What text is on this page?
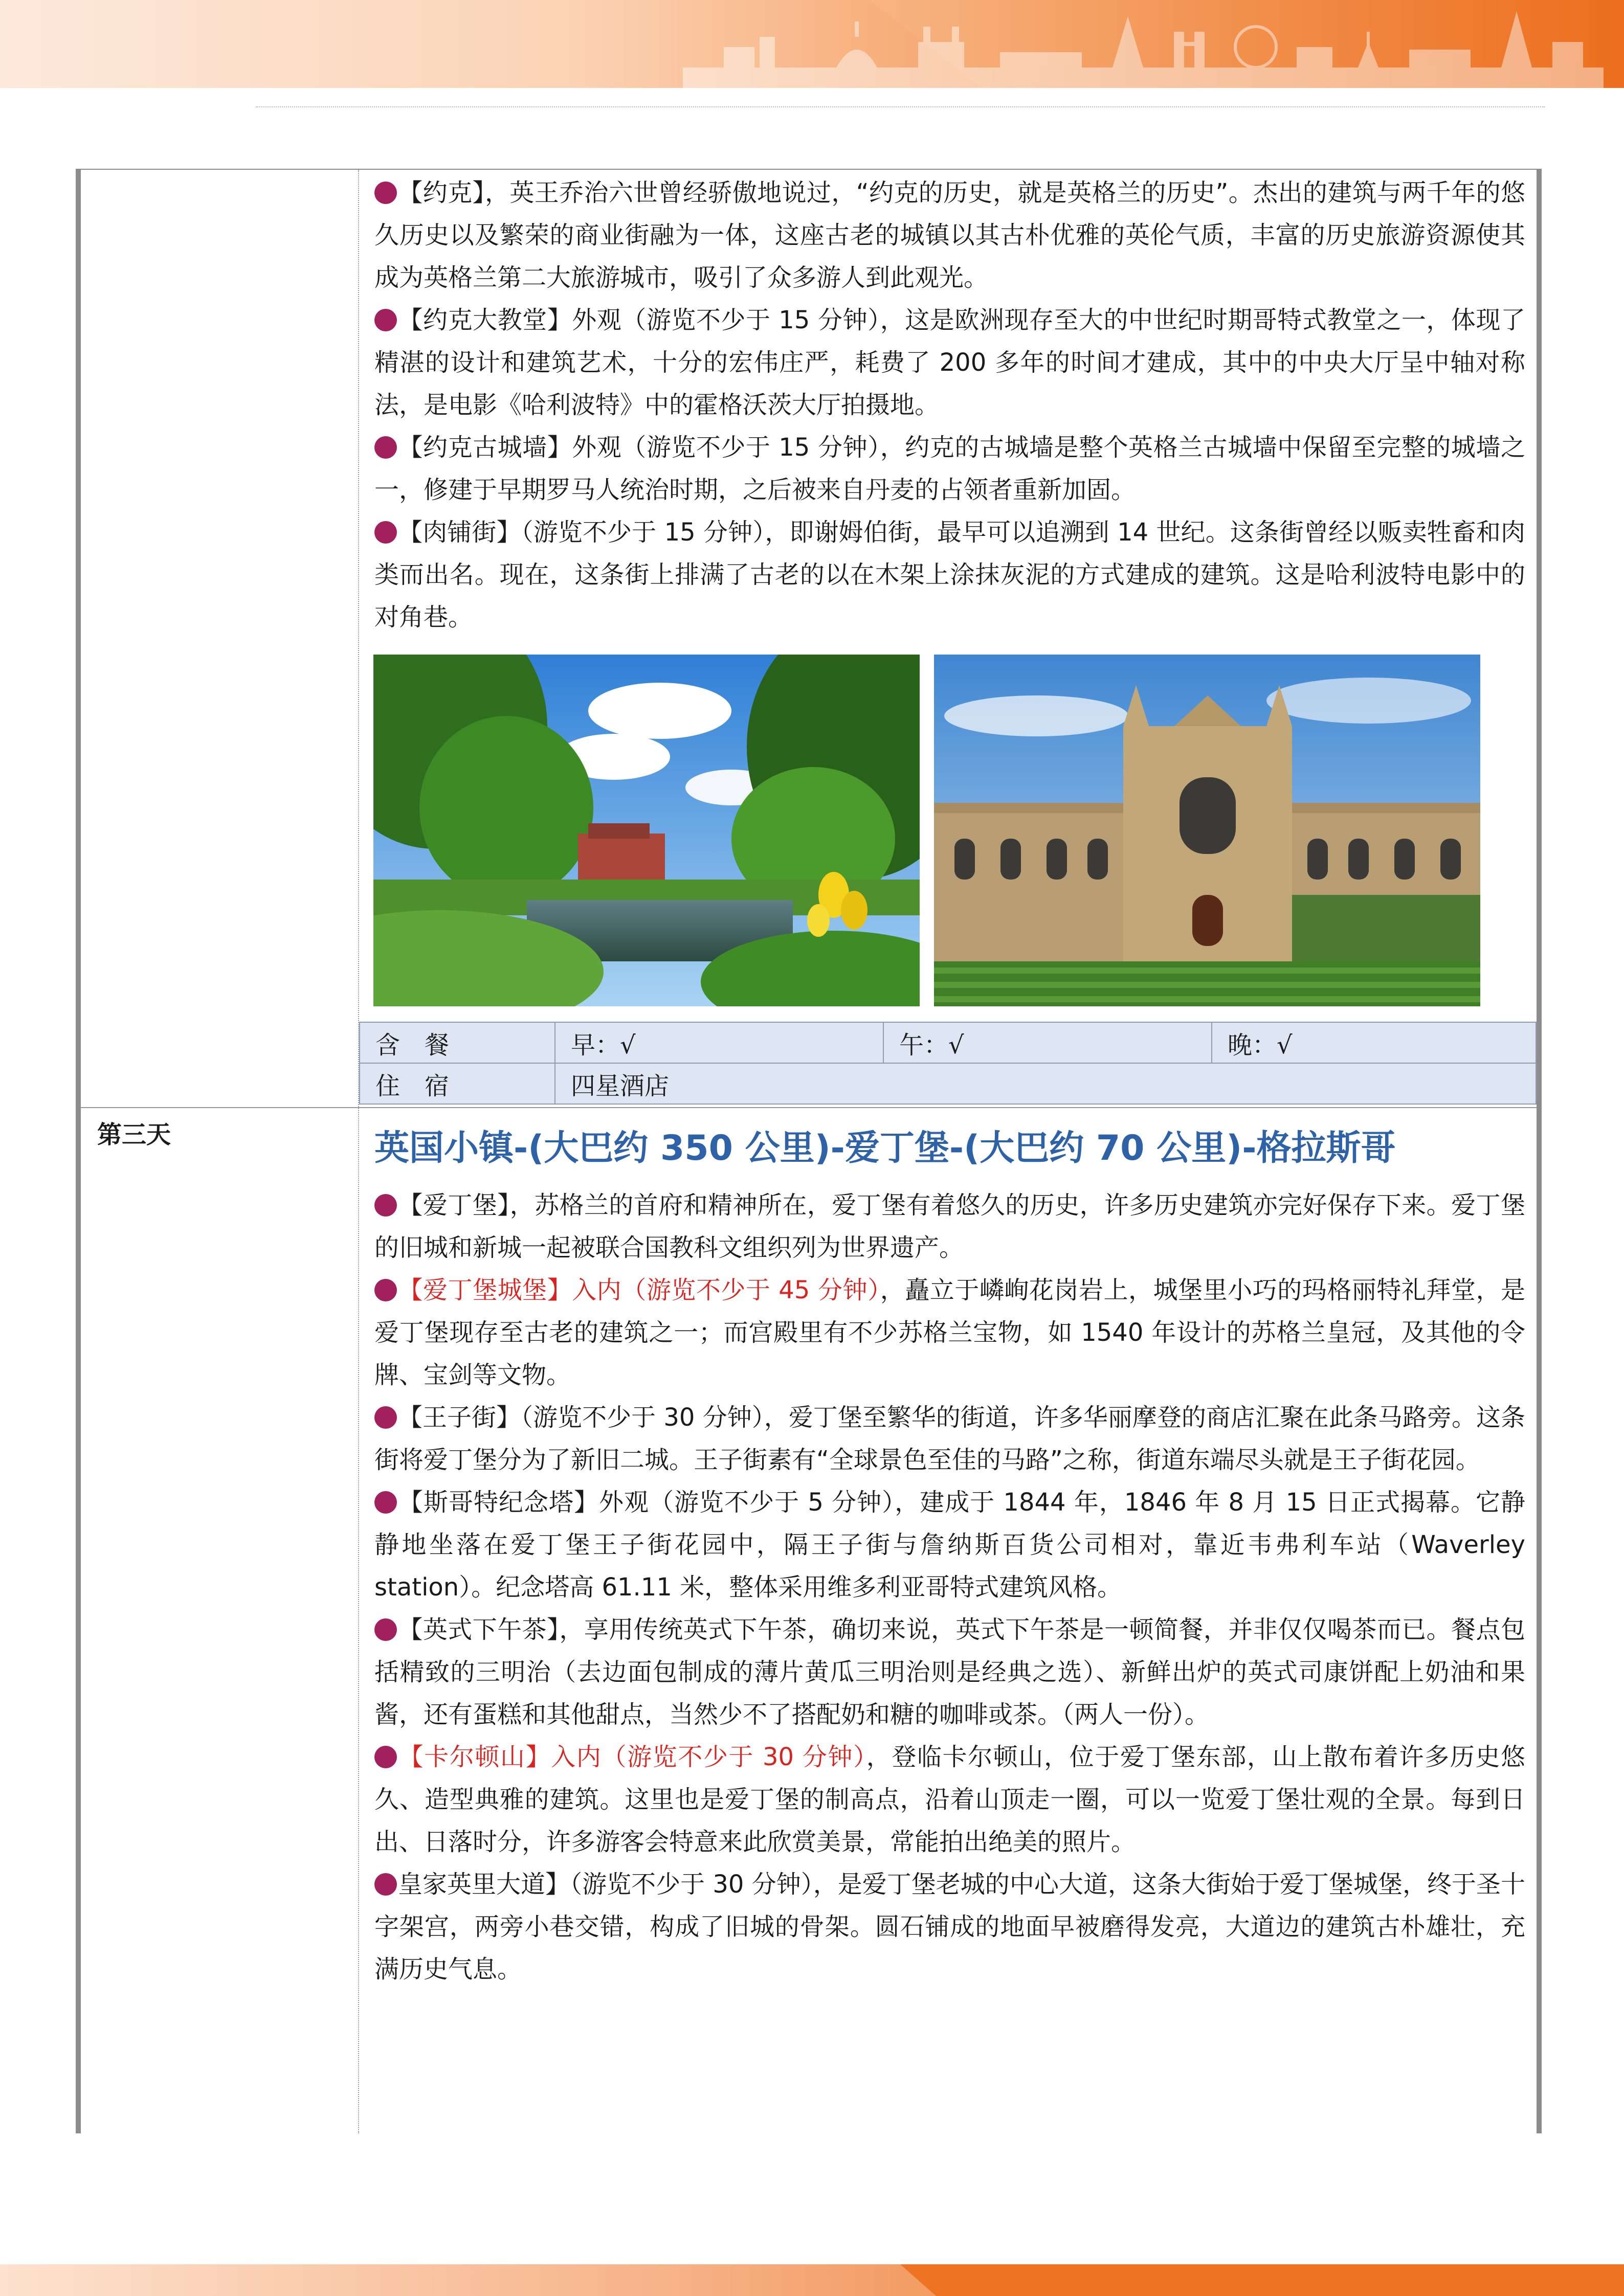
【约克】，英王乔治六世曾经骄傲地说过，“约克的历史，就是英格兰的历史”。杰出的建筑与两千年的悠久历史以及繁荣的商业街融为一体，这座古老的城镇以其古朴优雅的英伦气质，丰富的历史旅游资源使其成为英格兰第二大旅游城市，吸引了众多游人到此观光。

【约克大教堂】外观（游览不少于 15 分钟），这是欧洲现存至大的中世纪时期哥特式教堂之一，体现了精湛的设计和建筑艺术，十分的宏伟庄严，耗费了 200 多年的时间才建成，其中的中央大厅呈中轴对称法，是电影《哈利波特》中的霍格沃茨大厅拍摄地。

【约克古城墙】外观（游览不少于 15 分钟），约克的古城墙是整个英格兰古城墙中保留至完整的城墙之一，修建于早期罗马人统治时期，之后被来自丹麦的占领者重新加固。

【肉铺街】（游览不少于 15 分钟），即谢姆伯街，最早可以追溯到 14 世纪。这条街曾经以贩卖牲畜和肉类而出名。现在，这条街上排满了古老的以在木架上涂抹灰泥的方式建成的建筑。这是哈利波特电影中的对角巷。

含　餐	早：√	午：√	晚：√
住　宿	四星酒店		
第三天	英国小镇-(大巴约 350 公里)-爱丁堡-(大巴约 70 公里)-格拉斯哥

【爱丁堡】，苏格兰的首府和精神所在，爱丁堡有着悠久的历史，许多历史建筑亦完好保存下来。爱丁堡的旧城和新城一起被联合国教科文组织列为世界遗产。

【爱丁堡城堡】入内（游览不少于 45 分钟），矗立于嶙峋花岗岩上，城堡里小巧的玛格丽特礼拜堂，是爱丁堡现存至古老的建筑之一；而宫殿里有不少苏格兰宝物，如 1540 年设计的苏格兰皇冠，及其他的令牌、宝剑等文物。

【王子街】（游览不少于 30 分钟），爱丁堡至繁华的街道，许多华丽摩登的商店汇聚在此条马路旁。这条街将爱丁堡分为了新旧二城。王子街素有“全球景色至佳的马路”之称，街道东端尽头就是王子街花园。

【斯哥特纪念塔】外观（游览不少于 5 分钟），建成于 1844 年，1846 年 8 月 15 日正式揭幕。它静静地坐落在爱丁堡王子街花园中，隔王子街与詹纳斯百货公司相对，靠近韦弗利车站（Waverley station）。纪念塔高 61.11 米，整体采用维多利亚哥特式建筑风格。

【英式下午茶】，享用传统英式下午茶，确切来说，英式下午茶是一顿简餐，并非仅仅喝茶而已。餐点包括精致的三明治（去边面包制成的薄片黄瓜三明治则是经典之选）、新鲜出炉的英式司康饼配上奶油和果酱，还有蛋糕和其他甜点，当然少不了搭配奶和糖的咖啡或茶。（两人一份）。

【卡尔顿山】入内（游览不少于 30 分钟），登临卡尔顿山，位于爱丁堡东部，山上散布着许多历史悠久、造型典雅的建筑。这里也是爱丁堡的制高点，沿着山顶走一圈，可以一览爱丁堡壮观的全景。每到日出、日落时分，许多游客会特意来此欣赏美景，常能拍出绝美的照片。

皇家英里大道】（游览不少于 30 分钟），是爱丁堡老城的中心大道，这条大街始于爱丁堡城堡，终于圣十字架宫，两旁小巷交错，构成了旧城的骨架。圆石铺成的地面早被磨得发亮，大道边的建筑古朴雄壮，充满历史气息。
